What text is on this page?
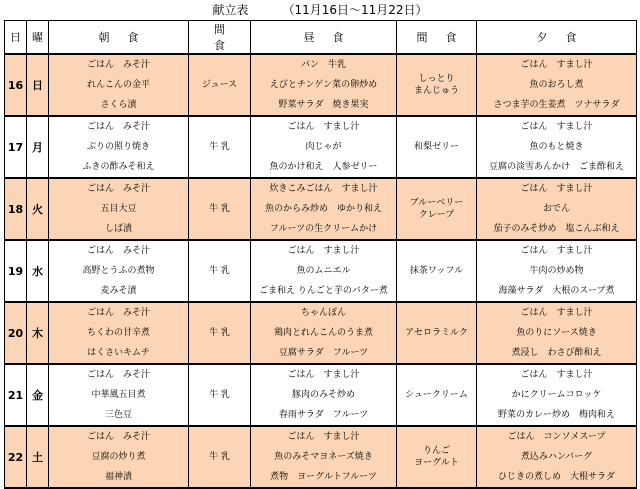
献立表	（11月16日～11月22日）
日	曜	朝食	間食	昼食	間食	夕食
16	日	ごはん　みそ汁
れんこんの金平
さくら漬	ジュース	パン　牛乳
えびとチンゲン菜の卵炒め
野菜サラダ　焼き果実	しっとり
まんじゅう	ごはん　すまし汁
魚のおろし煮
さつま芋の生姜煮　ツナサラダ

17	月	ごはん　みそ汁
ぶりの照り焼き
ふきの酢みそ和え	牛 乳	ごはん　すまし汁
肉じゃが
魚のかけ和え　人参ゼリー	和梨ゼリー	ごはん　すまし汁
魚のもと焼き
豆腐の淡雪あんかけ　ごま酢和え

18	火	ごはん　みそ汁
五目大豆
しば漬	牛 乳	炊きこみごはん　すまし汁
魚のからみ炒め　ゆかり和え
フルーツの生クリームかけ	ブルーベリー
クレープ	ごはん　すまし汁
おでん
茄子のみそ炒め　塩こんぶ和え

19	水	ごはん　みそ汁
高野とうふの煮物
麦みそ漬	牛 乳	ごはん　すまし汁
魚のムニエル
ごま和え りんごと芋のバター煮	抹茶ワッフル	ごはん　すまし汁
牛肉の炒め物
海藻サラダ　大根のスープ煮

20	木	ごはん　みそ汁
ちくわの甘辛煮
はくさいキムチ	牛 乳	ちゃんぽん
鶏肉とれんこんのうま煮
豆腐サラダ　フルーツ	アセロラミルク	ごはん　すまし汁
魚のりにソース焼き
煮浸し　わさび酢和え

21	金	ごはん　みそ汁
中華風五目煮
三色豆	牛 乳	ごはん　すまし汁
豚肉のみそ炒め
春雨サラダ　フルーツ	シュークリーム	ごはん　すまし汁
かにクリームコロッケ
野菜のカレー炒め　梅肉和え

22	土	ごはん　みそ汁
豆腐の炒り煮
福神漬	牛 乳	ごはん　すまし汁
魚のみそマヨネーズ焼き
煮物　ヨーグルトフルーツ	りんご
ヨーグルト	ごはん　コンソメスープ
煮込みハンバーグ
ひじきの煮しめ　大根サラダ
